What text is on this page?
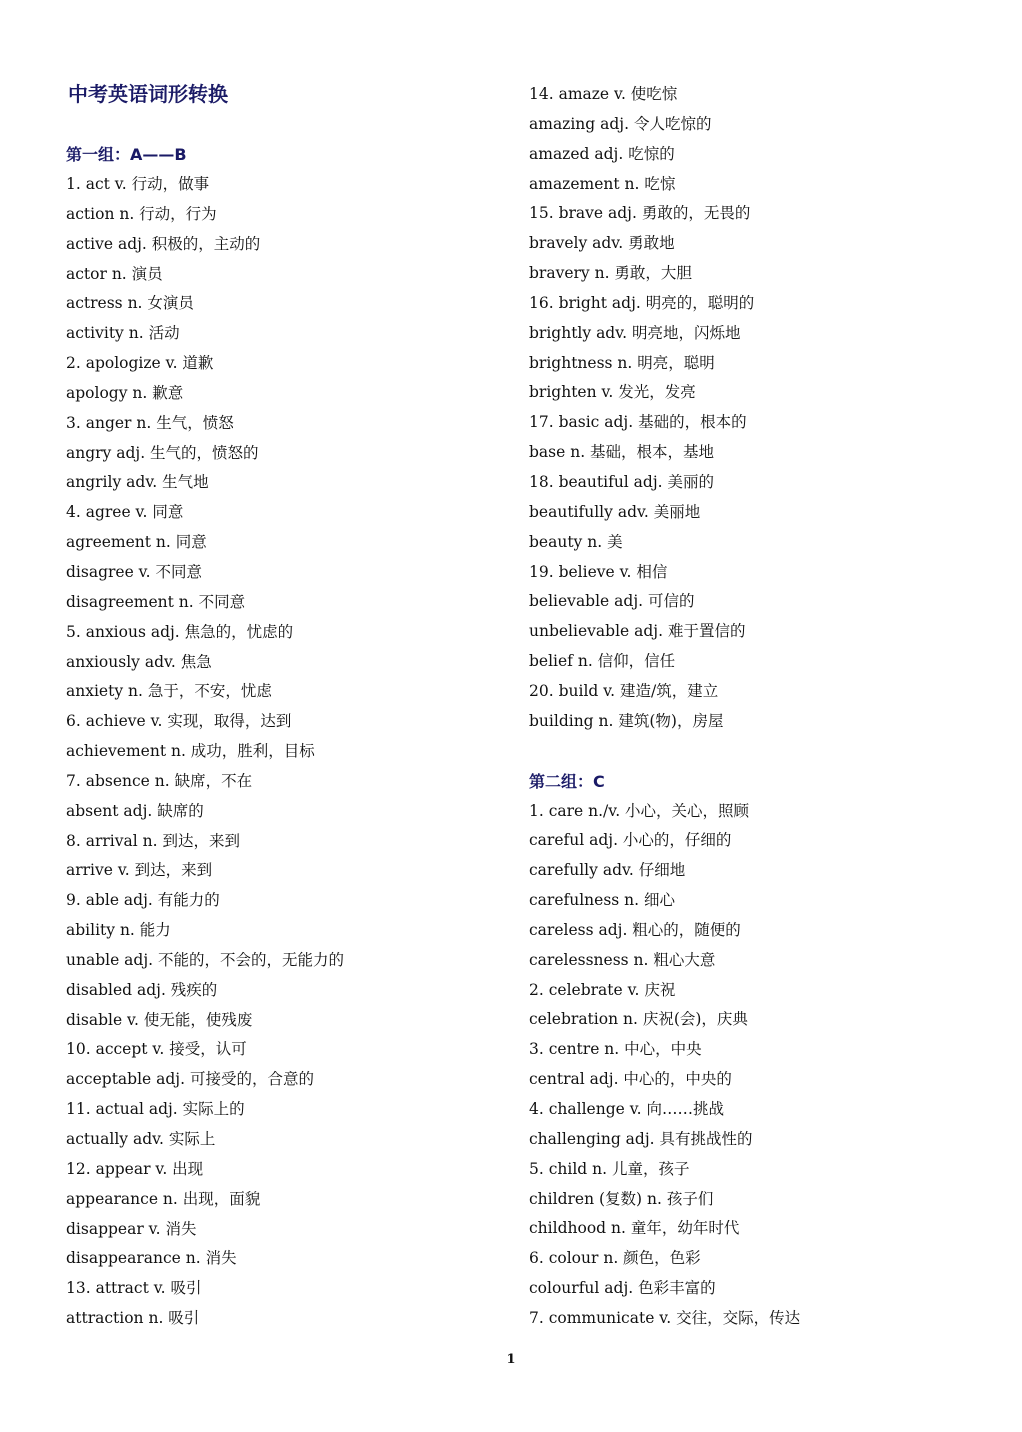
中考英语词形转换
第一组：A——B
1. act v. 行动，做事
action n. 行动，行为
active adj. 积极的，主动的
actor n. 演员
actress n. 女演员
activity n. 活动
2. apologize v. 道歉
apology n. 歉意
3. anger n. 生气，愤怒
angry adj. 生气的，愤怒的
angrily adv. 生气地
4. agree v. 同意
agreement n. 同意
disagree v. 不同意
disagreement n. 不同意
5. anxious adj. 焦急的，忧虑的
anxiously adv. 焦急
anxiety n. 急于，不安，忧虑
6. achieve v. 实现，取得，达到
achievement n. 成功，胜利，目标
7. absence n. 缺席，不在
absent adj. 缺席的
8. arrival n. 到达，来到
arrive v. 到达，来到
9. able adj. 有能力的
ability n. 能力
unable adj. 不能的，不会的，无能力的
disabled adj. 残疾的
disable v. 使无能，使残废
10. accept v. 接受，认可
acceptable adj. 可接受的，合意的
11. actual adj. 实际上的
actually adv. 实际上
12. appear v. 出现
appearance n. 出现，面貌
disappear v. 消失
disappearance n. 消失
13. attract v. 吸引
attraction n. 吸引
14. amaze v. 使吃惊
amazing adj. 令人吃惊的
amazed adj. 吃惊的
amazement n. 吃惊
15. brave adj. 勇敢的，无畏的
bravely adv. 勇敢地
bravery n. 勇敢，大胆
16. bright adj. 明亮的，聪明的
brightly adv. 明亮地，闪烁地
brightness n. 明亮，聪明
brighten v. 发光，发亮
17. basic adj. 基础的，根本的
base n. 基础，根本，基地
18. beautiful adj. 美丽的
beautifully adv. 美丽地
beauty n. 美
19. believe v. 相信
believable adj. 可信的
unbelievable adj. 难于置信的
belief n. 信仰，信任
20. build v. 建造/筑，建立
building n. 建筑(物)，房屋
第二组：C
1. care n./v. 小心，关心，照顾
careful adj. 小心的，仔细的
carefully adv. 仔细地
carefulness n. 细心
careless adj. 粗心的，随便的
carelessness n. 粗心大意
2. celebrate v. 庆祝
celebration n. 庆祝(会)，庆典
3. centre n. 中心，中央
central adj. 中心的，中央的
4. challenge v. 向……挑战
challenging adj. 具有挑战性的
5. child n. 儿童，孩子
children (复数) n. 孩子们
childhood n. 童年，幼年时代
6. colour n. 颜色，色彩
colourful adj. 色彩丰富的
7. communicate v. 交往，交际，传达
1
